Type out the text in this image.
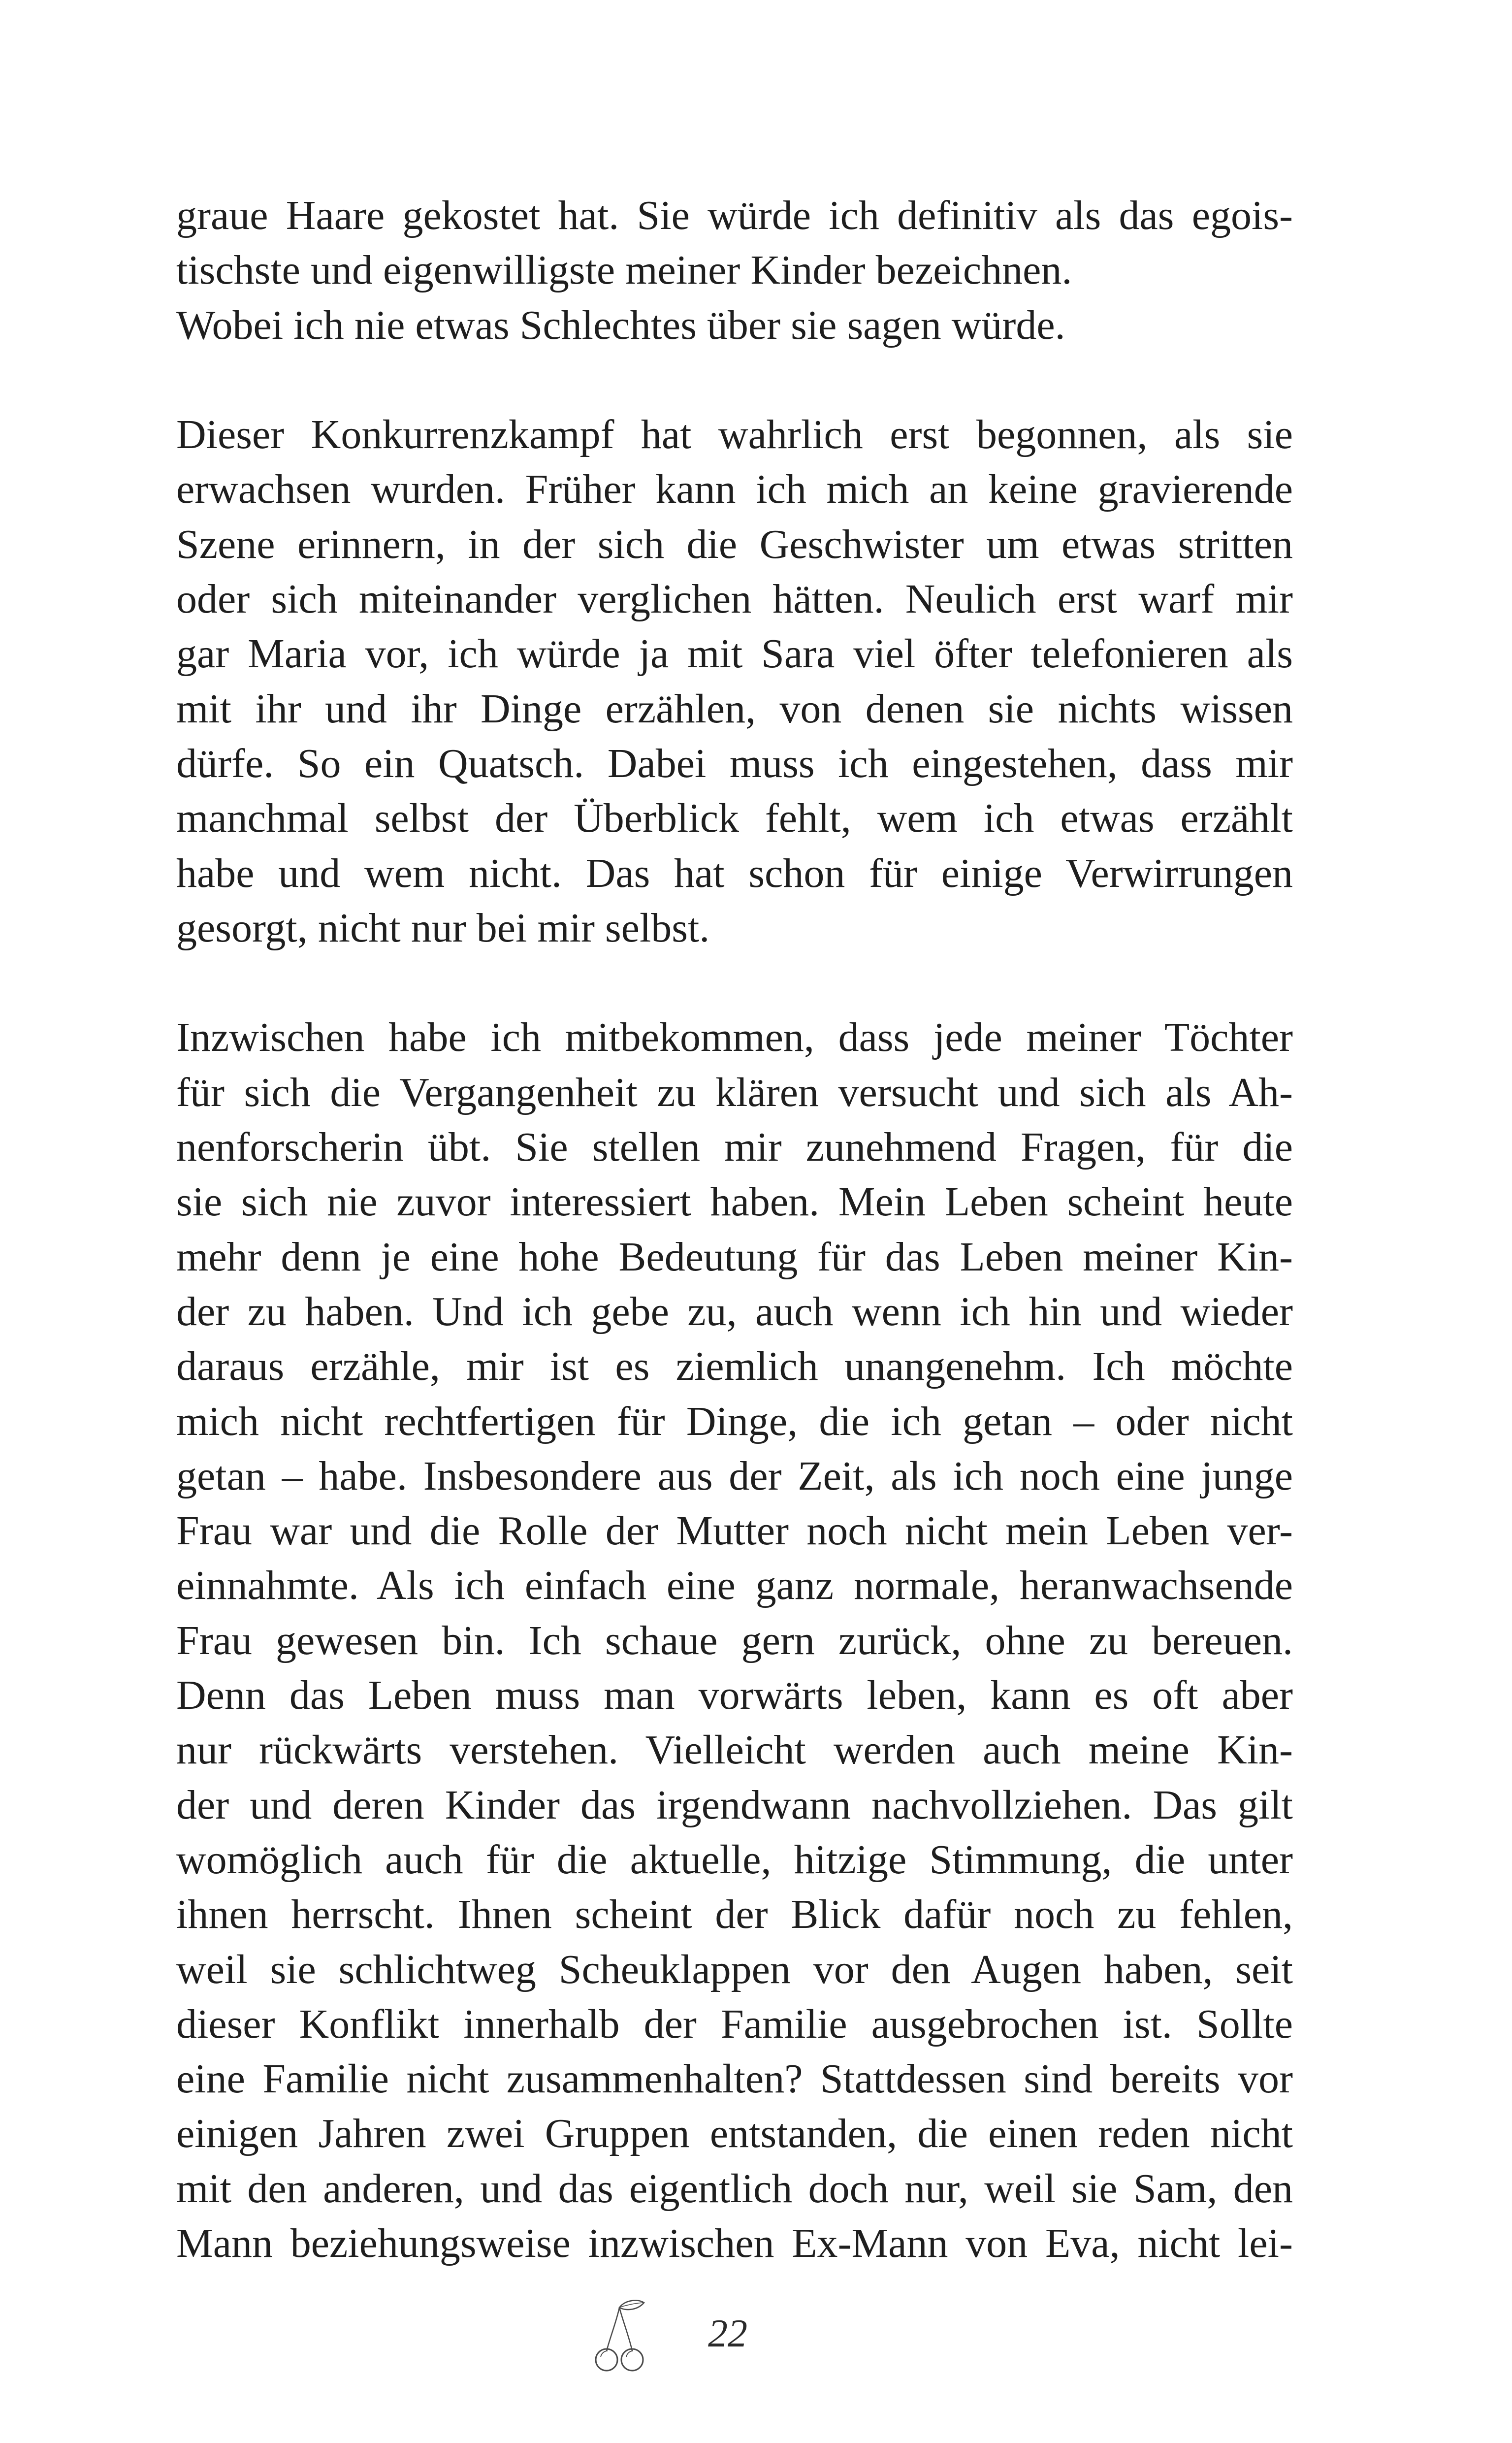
graue Haare gekostet hat. Sie würde ich definitiv als das egois-
tischste und eigenwilligste meiner Kinder bezeichnen.
Wobei ich nie etwas Schlechtes über sie sagen würde.
Dieser Konkurrenzkampf hat wahrlich erst begonnen, als sie
erwachsen wurden. Früher kann ich mich an keine gravierende
Szene erinnern, in der sich die Geschwister um etwas stritten
oder sich miteinander verglichen hätten. Neulich erst warf mir
gar Maria vor, ich würde ja mit Sara viel öfter telefonieren als
mit ihr und ihr Dinge erzählen, von denen sie nichts wissen
dürfe. So ein Quatsch. Dabei muss ich eingestehen, dass mir
manchmal selbst der Überblick fehlt, wem ich etwas erzählt
habe und wem nicht. Das hat schon für einige Verwirrungen
gesorgt, nicht nur bei mir selbst.
Inzwischen habe ich mitbekommen, dass jede meiner Töchter
für sich die Vergangenheit zu klären versucht und sich als Ah-
nenforscherin übt. Sie stellen mir zunehmend Fragen, für die
sie sich nie zuvor interessiert haben. Mein Leben scheint heute
mehr denn je eine hohe Bedeutung für das Leben meiner Kin-
der zu haben. Und ich gebe zu, auch wenn ich hin und wieder
daraus erzähle, mir ist es ziemlich unangenehm. Ich möchte
mich nicht rechtfertigen für Dinge, die ich getan – oder nicht
getan – habe. Insbesondere aus der Zeit, als ich noch eine junge
Frau war und die Rolle der Mutter noch nicht mein Leben ver-
einnahmte. Als ich einfach eine ganz normale, heranwachsende
Frau gewesen bin. Ich schaue gern zurück, ohne zu bereuen.
Denn das Leben muss man vorwärts leben, kann es oft aber
nur rückwärts verstehen. Vielleicht werden auch meine Kin-
der und deren Kinder das irgendwann nachvollziehen. Das gilt
womöglich auch für die aktuelle, hitzige Stimmung, die unter
ihnen herrscht. Ihnen scheint der Blick dafür noch zu fehlen,
weil sie schlichtweg Scheuklappen vor den Augen haben, seit
dieser Konflikt innerhalb der Familie ausgebrochen ist. Sollte
eine Familie nicht zusammenhalten? Stattdessen sind bereits vor
einigen Jahren zwei Gruppen entstanden, die einen reden nicht
mit den anderen, und das eigentlich doch nur, weil sie Sam, den
Mann beziehungsweise inzwischen Ex-Mann von Eva, nicht lei-
22
